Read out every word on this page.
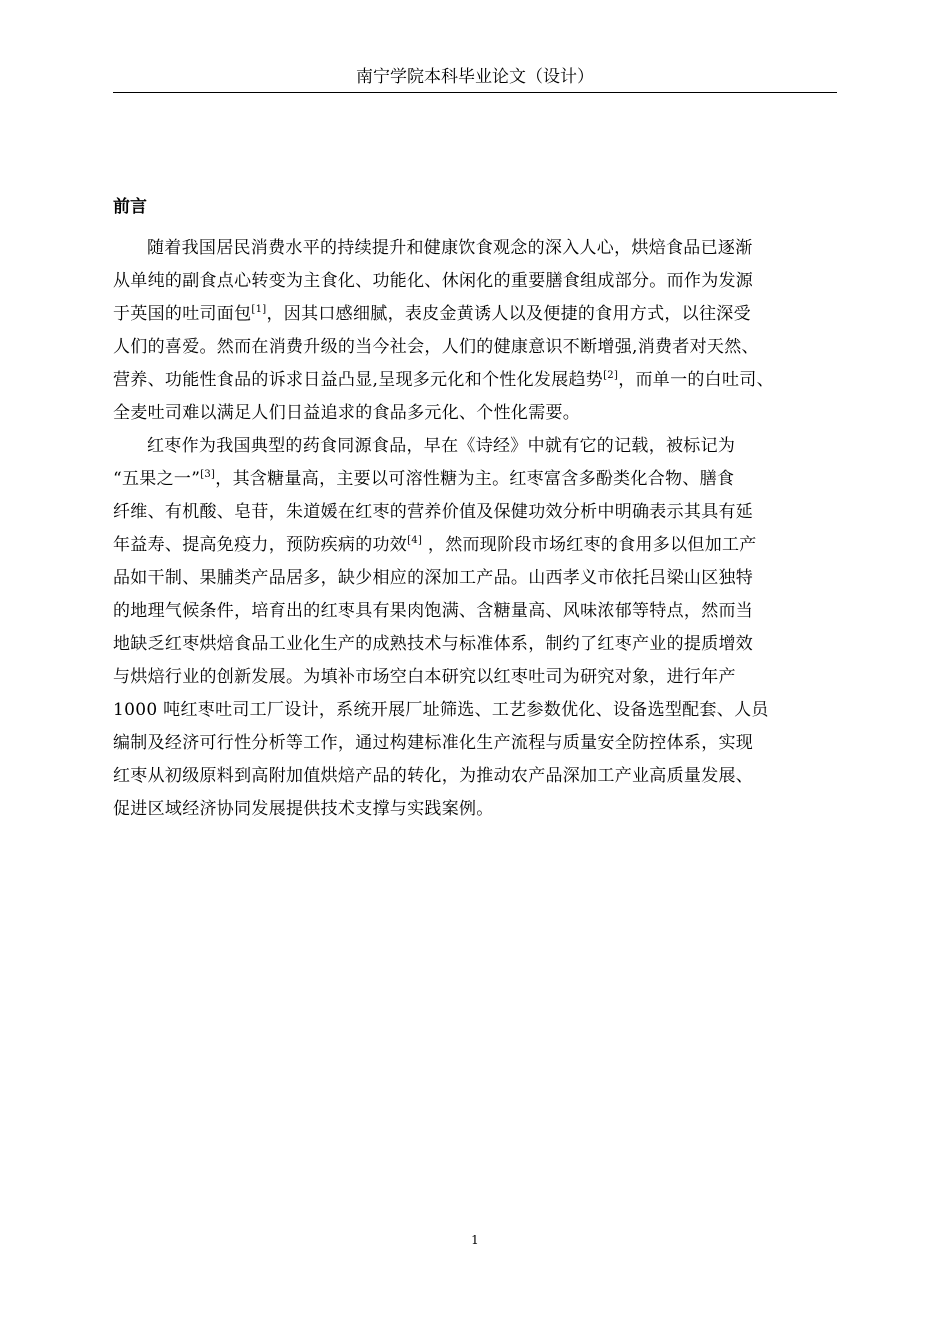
南宁学院本科毕业论文（设计）
前言
随着我国居民消费水平的持续提升和健康饮食观念的深入人心，烘焙食品已逐渐
从单纯的副食点心转变为主食化、功能化、休闲化的重要膳食组成部分。而作为发源
于英国的吐司面包[1]，因其口感细腻，表皮金黄诱人以及便捷的食用方式，以往深受
人们的喜爱。然而在消费升级的当今社会，人们的健康意识不断增强,消费者对天然、
营养、功能性食品的诉求日益凸显,呈现多元化和个性化发展趋势[2]，而单一的白吐司、
全麦吐司难以满足人们日益追求的食品多元化、个性化需要。
红枣作为我国典型的药食同源食品，早在《诗经》中就有它的记载，被标记为
“五果之一”[3]，其含糖量高，主要以可溶性糖为主。红枣富含多酚类化合物、膳食
纤维、有机酸、皂苷，朱道媛在红枣的营养价值及保健功效分析中明确表示其具有延
年益寿、提高免疫力，预防疾病的功效[4] ，然而现阶段市场红枣的食用多以但加工产
品如干制、果脯类产品居多，缺少相应的深加工产品。山西孝义市依托吕梁山区独特
的地理气候条件，培育出的红枣具有果肉饱满、含糖量高、风味浓郁等特点，然而当
地缺乏红枣烘焙食品工业化生产的成熟技术与标准体系，制约了红枣产业的提质增效
与烘焙行业的创新发展。为填补市场空白本研究以红枣吐司为研究对象，进行年产
1000 吨红枣吐司工厂设计，系统开展厂址筛选、工艺参数优化、设备选型配套、人员
编制及经济可行性分析等工作，通过构建标准化生产流程与质量安全防控体系，实现
红枣从初级原料到高附加值烘焙产品的转化，为推动农产品深加工产业高质量发展、
促进区域经济协同发展提供技术支撑与实践案例。
1
